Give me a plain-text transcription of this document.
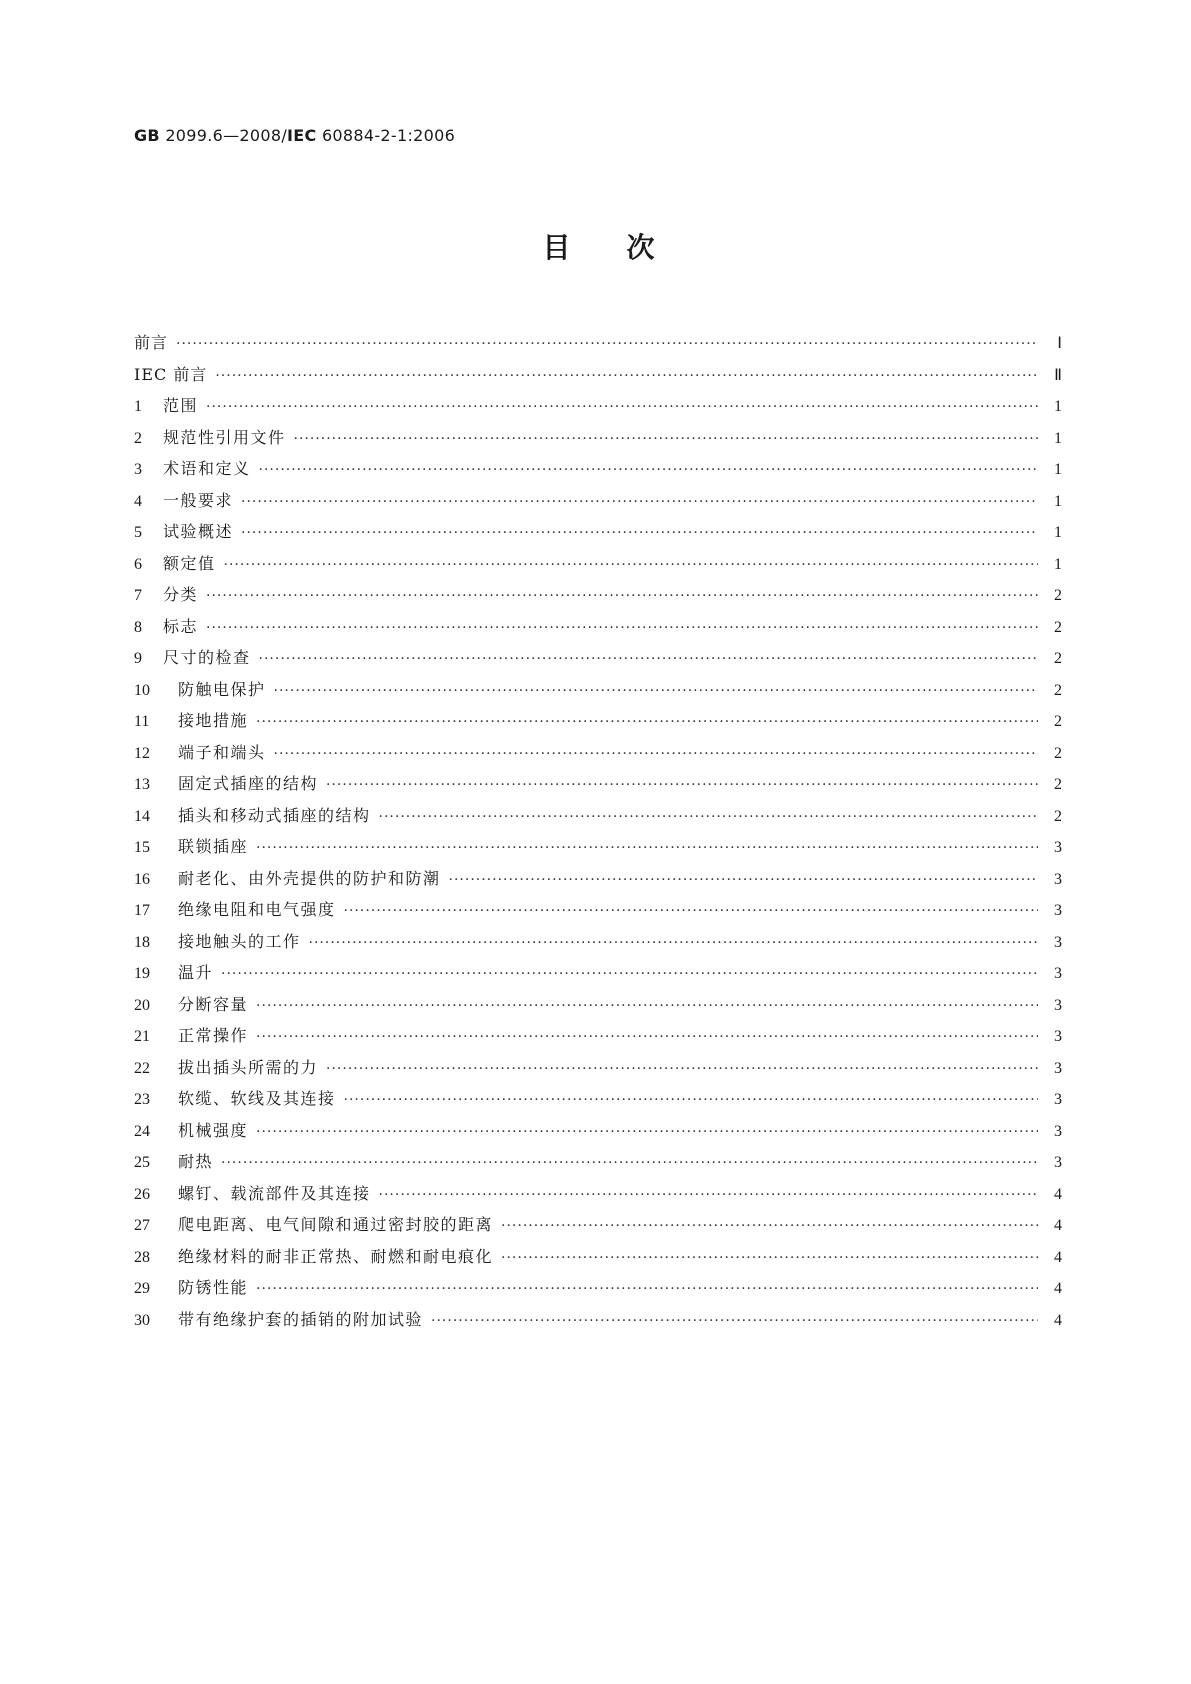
GB 2099.6—2008/IEC 60884-2-1:2006
目次
前言 ·····	Ⅰ
IEC 前言 ·····	Ⅱ
1	范围 ·····	1
2	规范性引用文件 ·····	1
3	术语和定义 ·····	1
4	一般要求 ·····	1
5	试验概述 ·····	1
6	额定值 ·····	1
7	分类 ·····	2
8	标志 ·····	2
9	尺寸的检查 ·····	2
10	防触电保护 ·····	2
11	接地措施 ·····	2
12	端子和端头 ·····	2
13	固定式插座的结构 ·····	2
14	插头和移动式插座的结构 ·····	2
15	联锁插座 ·····	3
16	耐老化、由外壳提供的防护和防潮 ·····	3
17	绝缘电阻和电气强度 ·····	3
18	接地触头的工作 ·····	3
19	温升 ·····	3
20	分断容量 ·····	3
21	正常操作 ·····	3
22	拔出插头所需的力 ·····	3
23	软缆、软线及其连接 ·····	3
24	机械强度 ·····	3
25	耐热 ·····	3
26	螺钉、载流部件及其连接 ·····	4
27	爬电距离、电气间隙和通过密封胶的距离 ·····	4
28	绝缘材料的耐非正常热、耐燃和耐电痕化 ·····	4
29	防锈性能 ·····	4
30	带有绝缘护套的插销的附加试验 ·····	4
